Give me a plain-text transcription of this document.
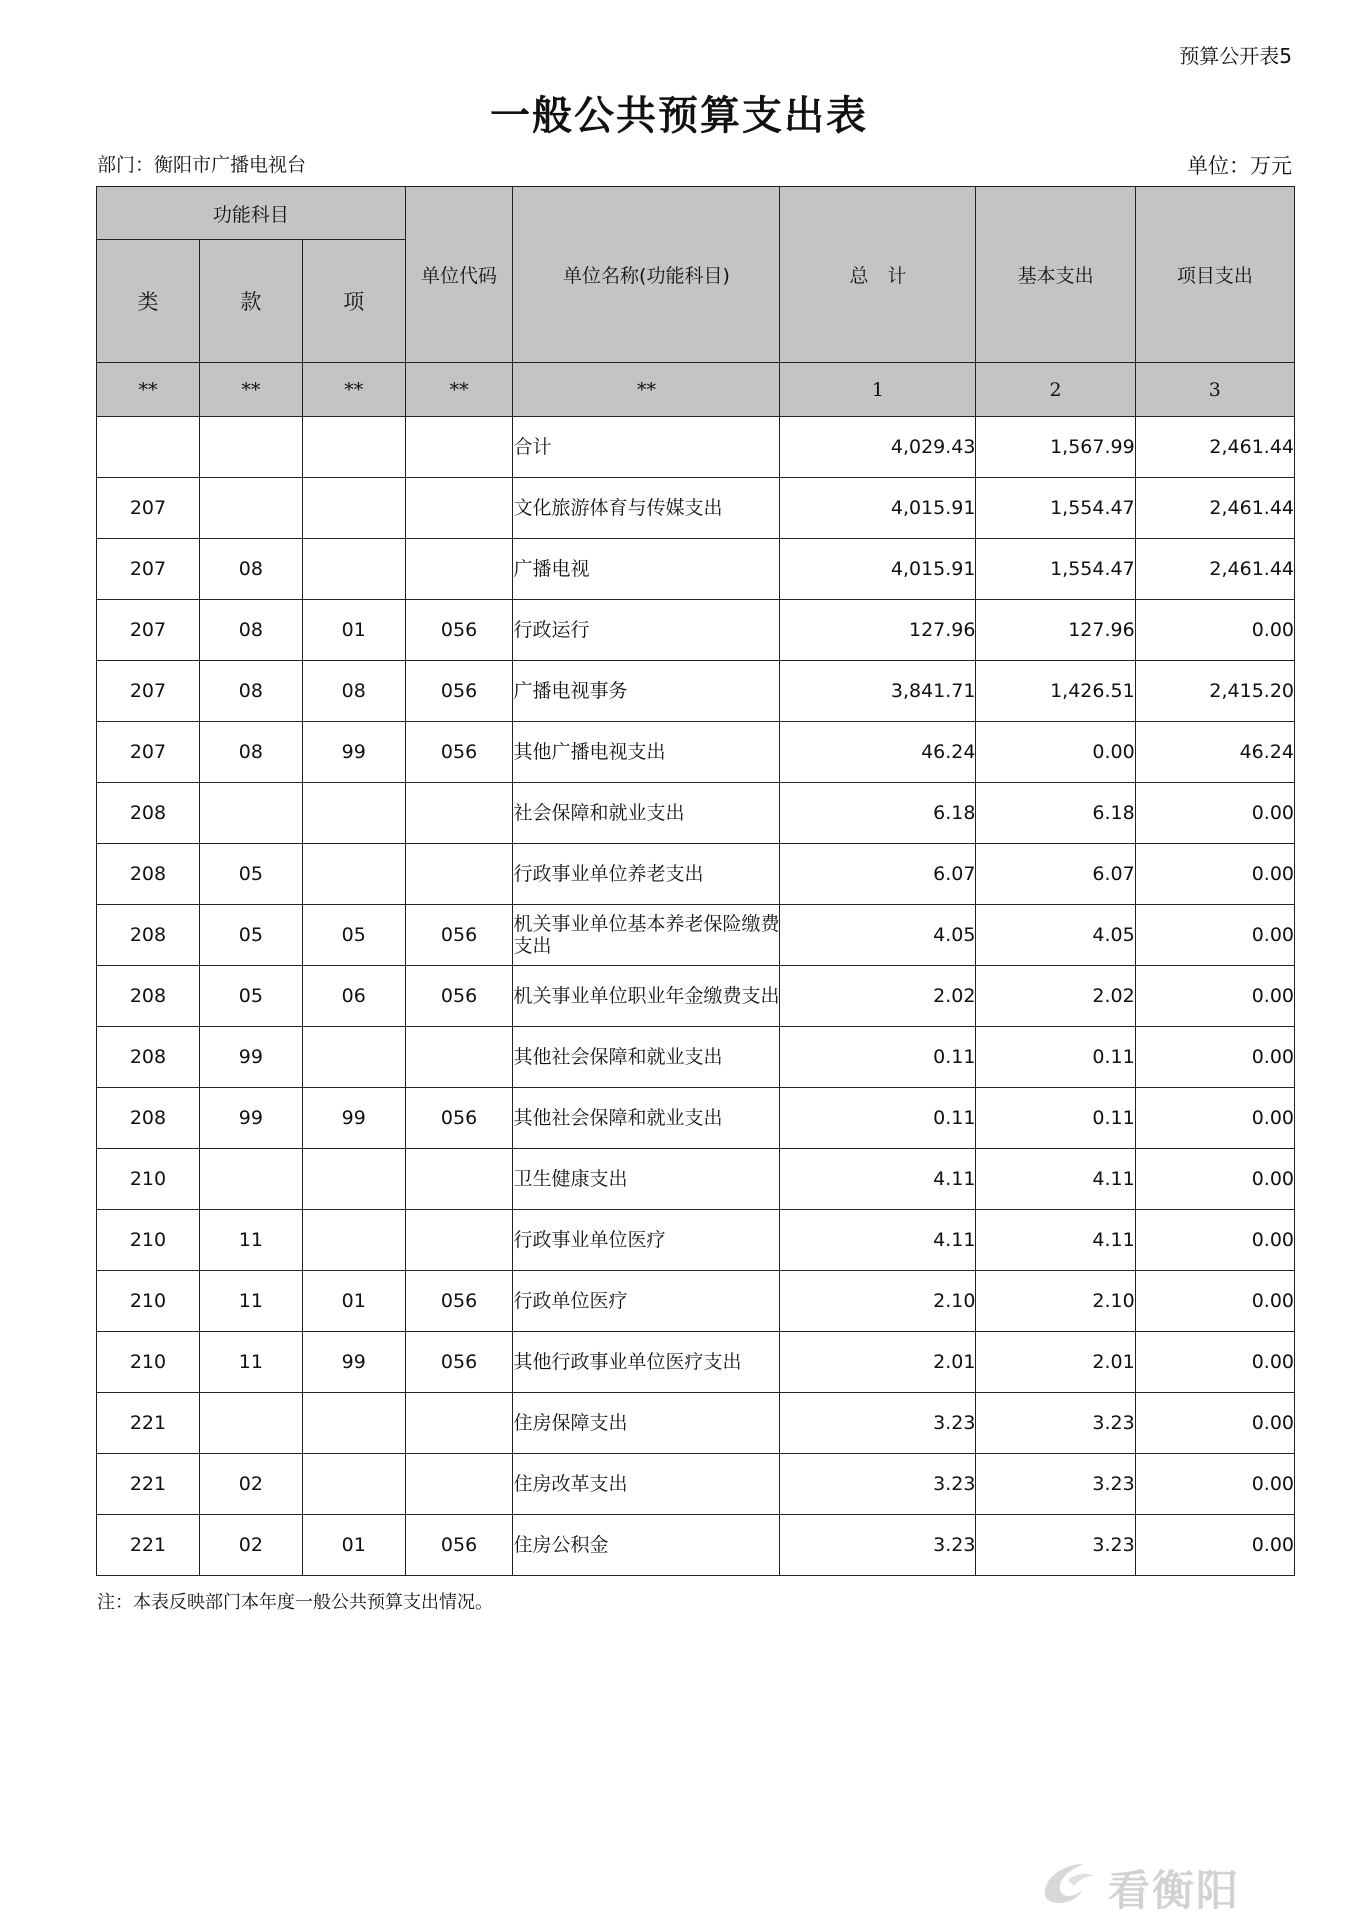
预算公开表5
一般公共预算支出表
部门：衡阳市广播电视台	单位：万元
功能科目			单位代码	单位名称(功能科目)	总　计	基本支出	项目支出
类	款	项					
**	**	**	**	**	1	2	3
				合计	4,029.43	1,567.99	2,461.44
207				文化旅游体育与传媒支出	4,015.91	1,554.47	2,461.44
207	08			广播电视	4,015.91	1,554.47	2,461.44
207	08	01	056	行政运行	127.96	127.96	0.00
207	08	08	056	广播电视事务	3,841.71	1,426.51	2,415.20
207	08	99	056	其他广播电视支出	46.24	0.00	46.24
208				社会保障和就业支出	6.18	6.18	0.00
208	05			行政事业单位养老支出	6.07	6.07	0.00
208	05	05	056	机关事业单位基本养老保险缴费支出	4.05	4.05	0.00
208	05	06	056	机关事业单位职业年金缴费支出	2.02	2.02	0.00
208	99			其他社会保障和就业支出	0.11	0.11	0.00
208	99	99	056	其他社会保障和就业支出	0.11	0.11	0.00
210				卫生健康支出	4.11	4.11	0.00
210	11			行政事业单位医疗	4.11	4.11	0.00
210	11	01	056	行政单位医疗	2.10	2.10	0.00
210	11	99	056	其他行政事业单位医疗支出	2.01	2.01	0.00
221				住房保障支出	3.23	3.23	0.00
221	02			住房改革支出	3.23	3.23	0.00
221	02	01	056	住房公积金	3.23	3.23	0.00
注：本表反映部门本年度一般公共预算支出情况。
看衡阳
